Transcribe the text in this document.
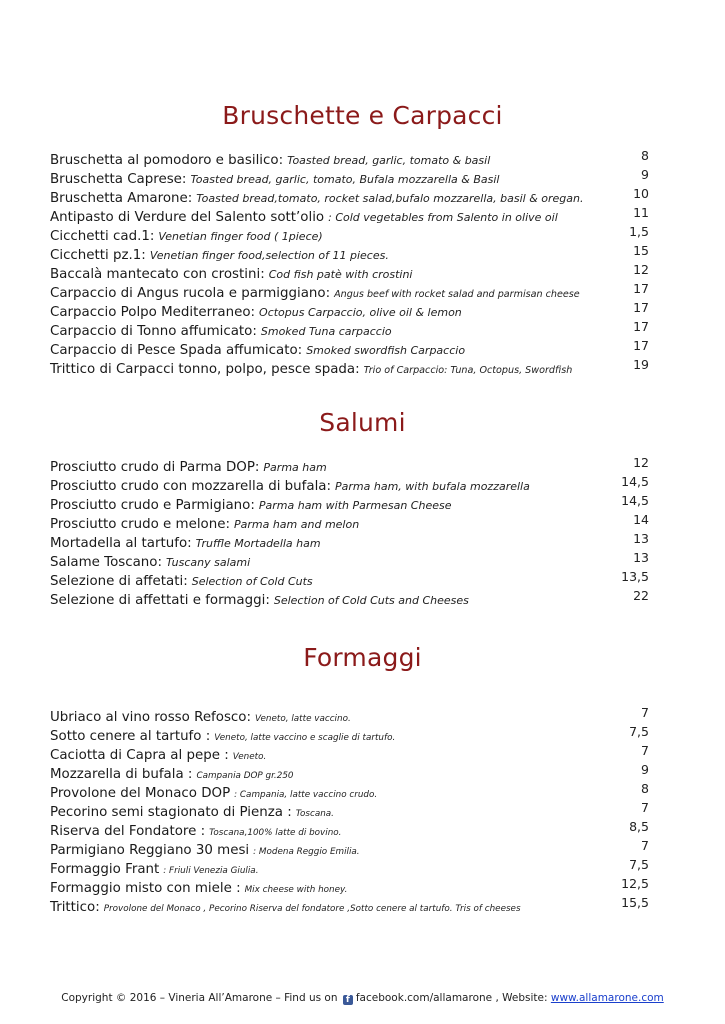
Bruschette e Carpacci
Bruschetta al pomodoro e basilico: Toasted bread, garlic, tomato & basil	8
Bruschetta Caprese: Toasted bread, garlic, tomato, Bufala mozzarella & Basil	9
Bruschetta Amarone: Toasted bread,tomato, rocket salad,bufalo mozzarella, basil & oregan.	10
Antipasto di Verdure del Salento sott’olio : Cold vegetables from Salento in olive oil	11
Cicchetti cad.1: Venetian finger food ( 1piece)	1,5
Cicchetti pz.1: Venetian finger food,selection of 11 pieces.	15
Baccalà mantecato con crostini: Cod fish patè with crostini	12
Carpaccio di Angus rucola e parmiggiano: Angus beef with rocket salad and parmisan cheese	17
Carpaccio Polpo Mediterraneo: Octopus Carpaccio, olive oil & lemon	17
Carpaccio di Tonno affumicato: Smoked Tuna carpaccio	17
Carpaccio di Pesce Spada affumicato: Smoked swordfish Carpaccio	17
Trittico di Carpacci tonno, polpo, pesce spada: Trio of Carpaccio: Tuna, Octopus, Swordfish	19
Salumi
Prosciutto crudo di Parma DOP: Parma ham	12
Prosciutto crudo con mozzarella di bufala: Parma ham, with bufala mozzarella	14,5
Prosciutto crudo e Parmigiano: Parma ham with Parmesan Cheese	14,5
Prosciutto crudo e melone: Parma ham and melon	14
Mortadella al tartufo: Truffle Mortadella ham	13
Salame Toscano: Tuscany salami	13
Selezione di affetati: Selection of Cold Cuts	13,5
Selezione di affettati e formaggi: Selection of Cold Cuts and Cheeses	22
Formaggi
Ubriaco al vino rosso Refosco: Veneto, latte vaccino.	7
Sotto cenere al tartufo : Veneto, latte vaccino e scaglie di tartufo.	7,5
Caciotta di Capra al pepe : Veneto.	7
Mozzarella di bufala : Campania DOP gr.250	9
Provolone del Monaco DOP : Campania, latte vaccino crudo.	8
Pecorino semi stagionato di Pienza : Toscana.	7
Riserva del Fondatore : Toscana,100% latte di bovino.	8,5
Parmigiano Reggiano 30 mesi : Modena Reggio Emilia.	7
Formaggio Frant : Friuli Venezia Giulia.	7,5
Formaggio misto con miele : Mix cheese with honey.	12,5
Trittico: Provolone del Monaco , Pecorino Riserva del fondatore ,Sotto cenere al tartufo. Tris of cheeses	15,5
Copyright © 2016 – Vineria All’Amarone – Find us on f facebook.com/allamarone , Website: www.allamarone.com
